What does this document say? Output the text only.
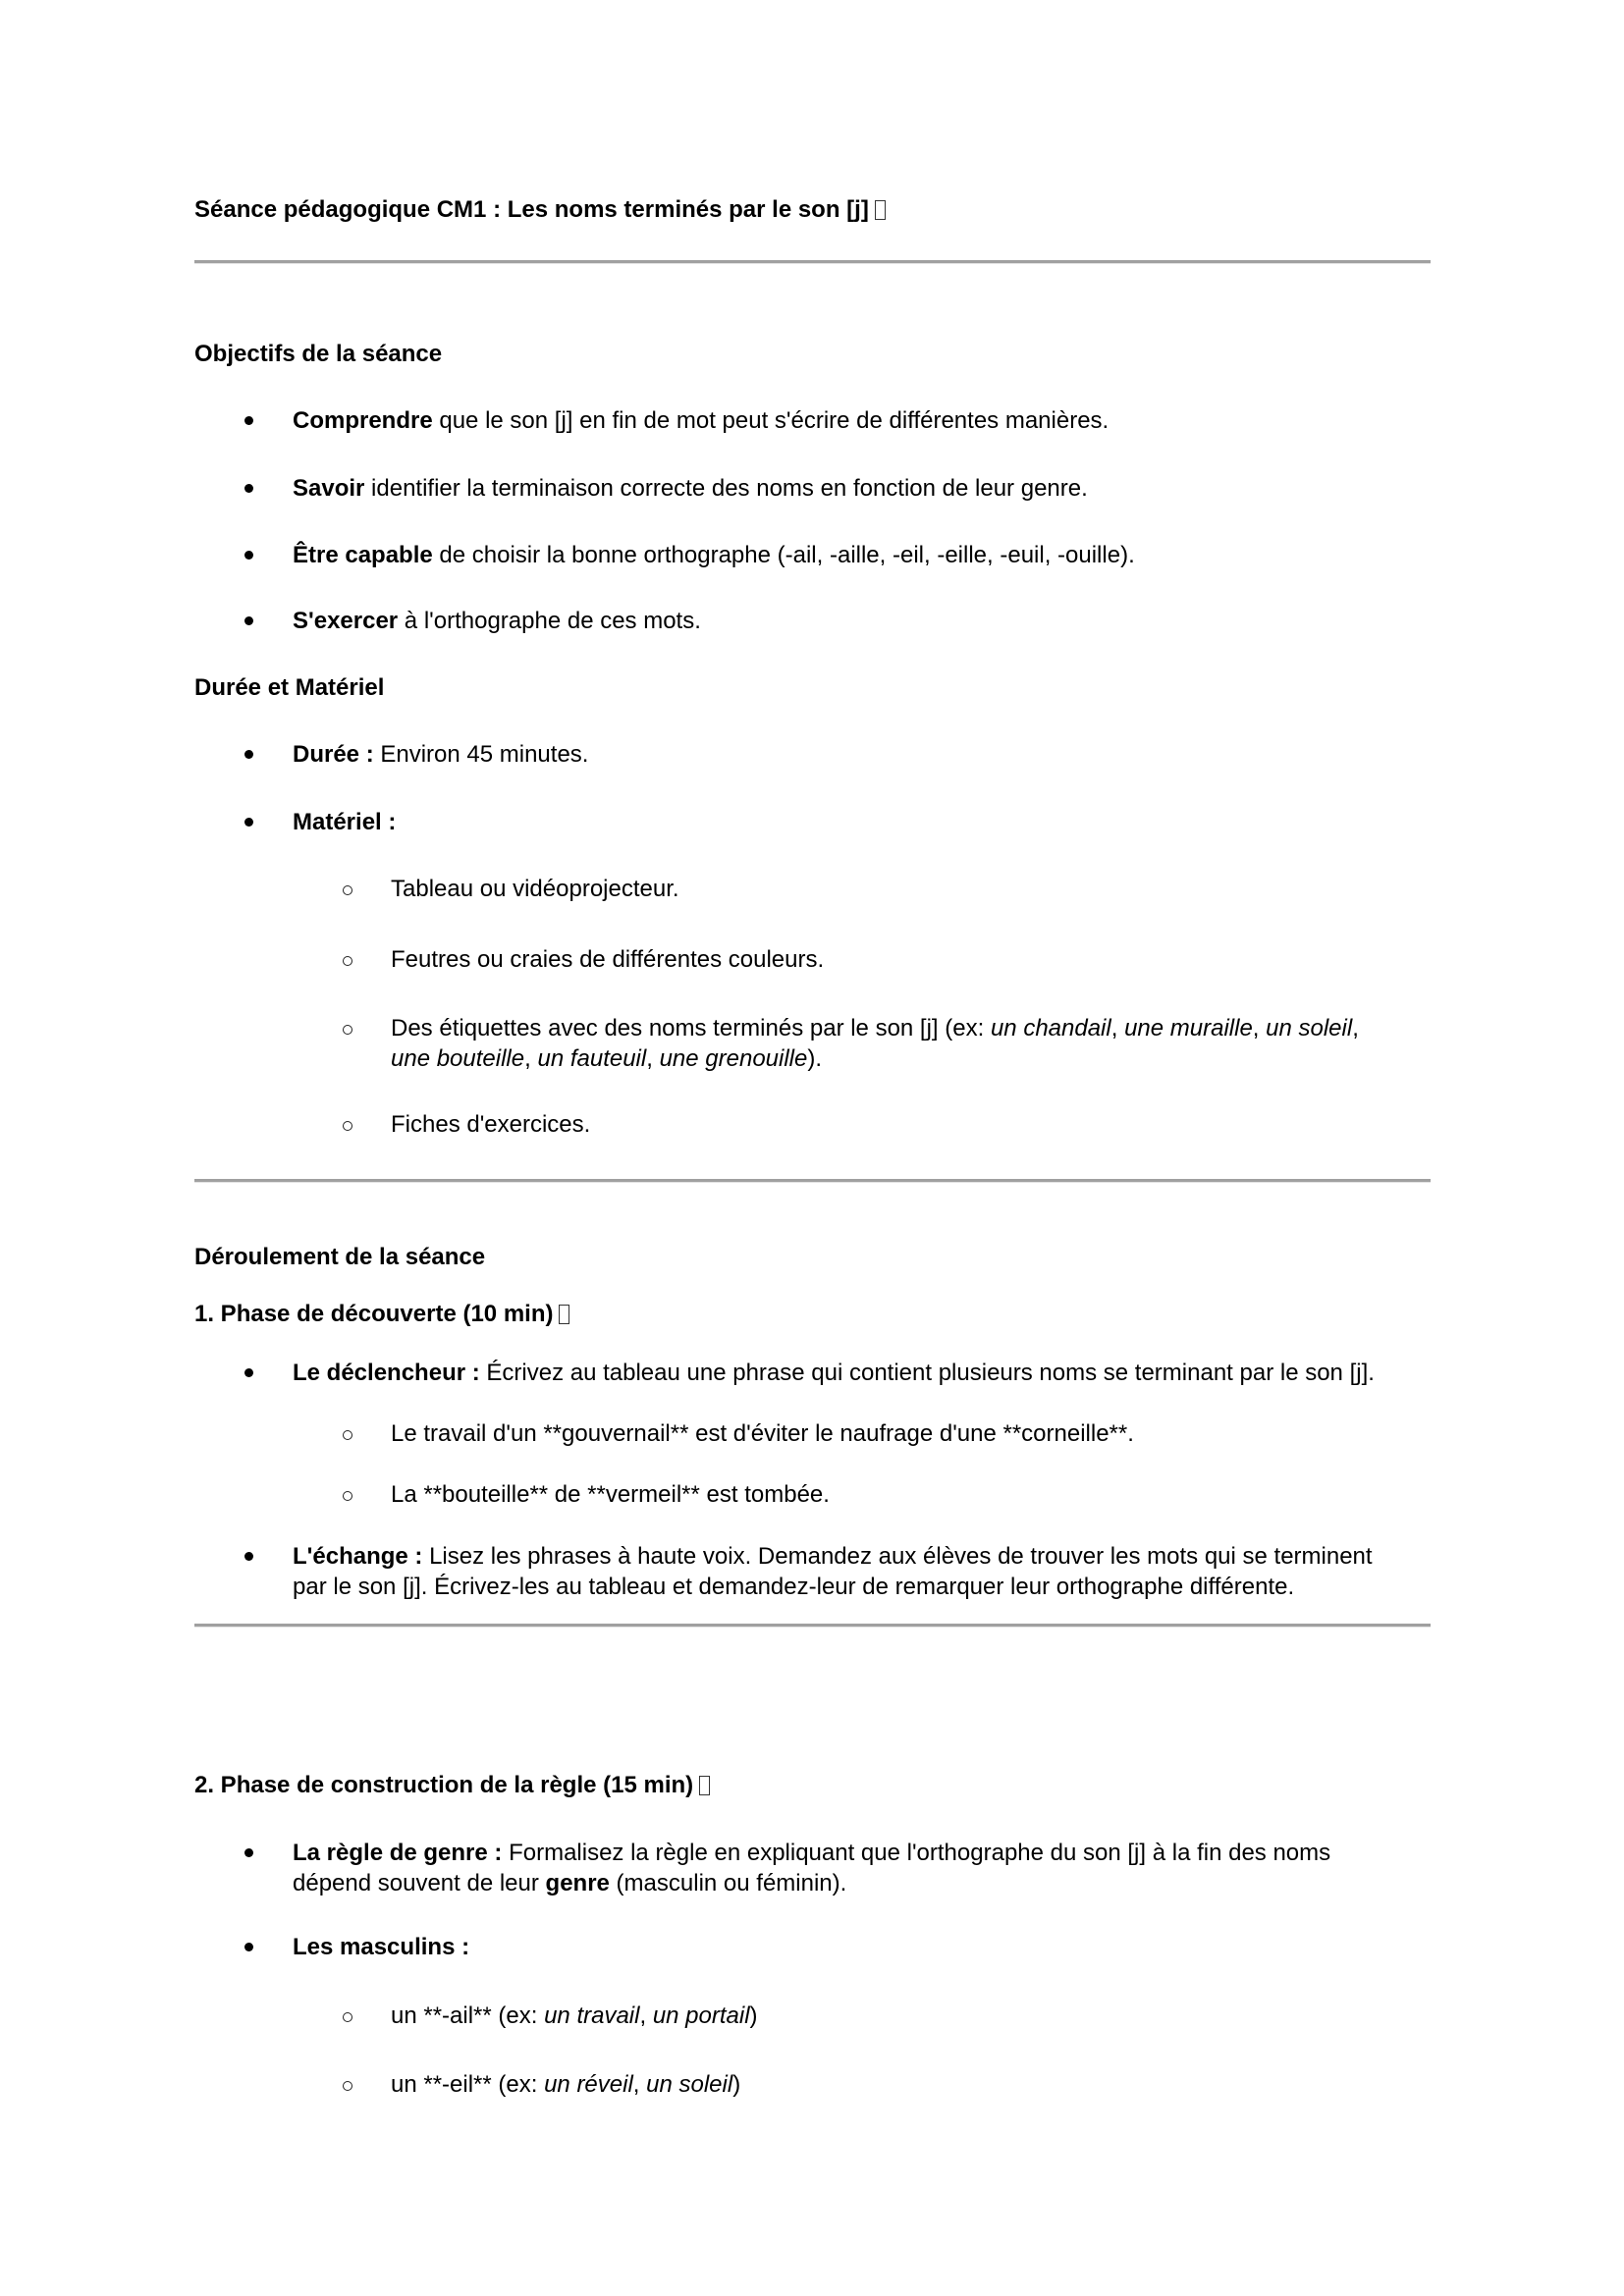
Séance pédagogique CM1 : Les noms terminés par le son [j]
Objectifs de la séance
Comprendre que le son [j] en fin de mot peut s'écrire de différentes manières.
Savoir identifier la terminaison correcte des noms en fonction de leur genre.
Être capable de choisir la bonne orthographe (-ail, -aille, -eil, -eille, -euil, -ouille).
S'exercer à l'orthographe de ces mots.
Durée et Matériel
Durée : Environ 45 minutes.
Matériel :
Tableau ou vidéoprojecteur.
Feutres ou craies de différentes couleurs.
Des étiquettes avec des noms terminés par le son [j] (ex: un chandail, une muraille, un soleil,
une bouteille, un fauteuil, une grenouille).
Fiches d'exercices.
Déroulement de la séance
1. Phase de découverte (10 min)
Le déclencheur : Écrivez au tableau une phrase qui contient plusieurs noms se terminant par le son [j].
Le travail d'un **gouvernail** est d'éviter le naufrage d'une **corneille**.
La **bouteille** de **vermeil** est tombée.
L'échange : Lisez les phrases à haute voix. Demandez aux élèves de trouver les mots qui se terminent
par le son [j]. Écrivez-les au tableau et demandez-leur de remarquer leur orthographe différente.
2. Phase de construction de la règle (15 min)
La règle de genre : Formalisez la règle en expliquant que l'orthographe du son [j] à la fin des noms
dépend souvent de leur genre (masculin ou féminin).
Les masculins :
un **-ail** (ex: un travail, un portail)
un **-eil** (ex: un réveil, un soleil)
